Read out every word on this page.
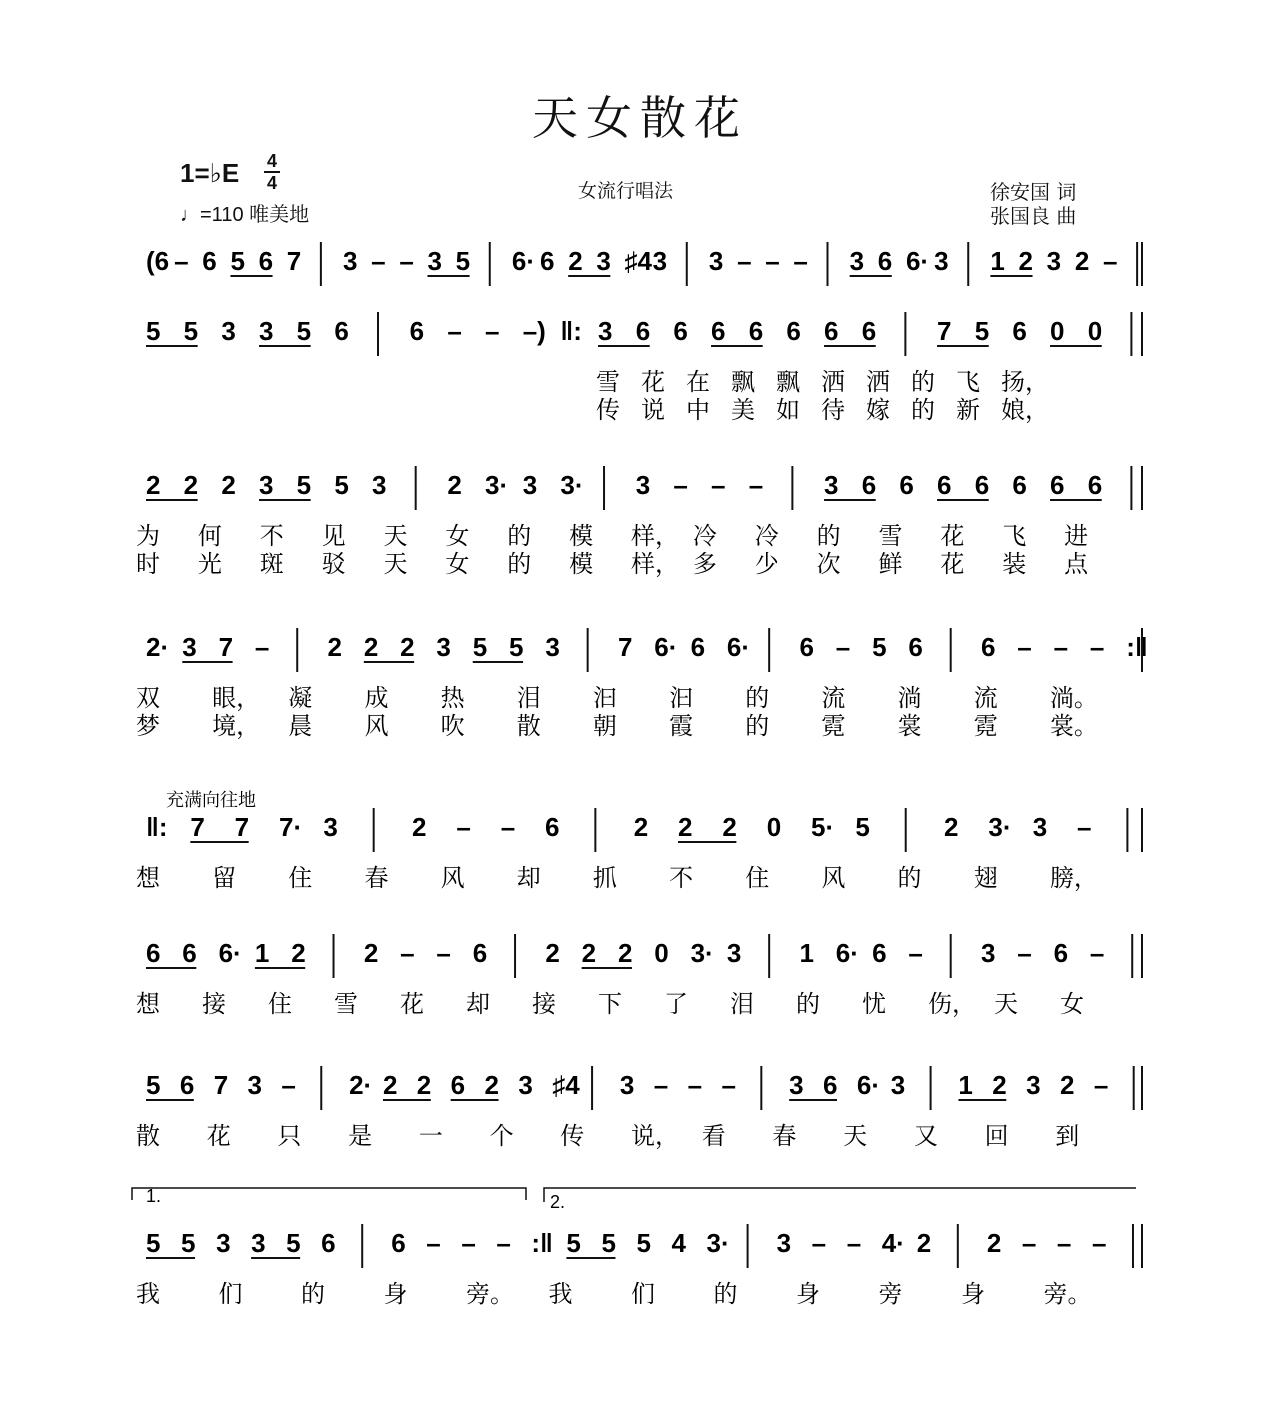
天女散花
1=♭E 4
4
♩=110 唯美地
女流行唱法	徐安国 词
张国良 曲
(6 – 6 5 6 7 3 – – 3 5 6· 6 2 3 ♯4 3 3 – – – 3 6 6· 3 1 2 3 2 –
5 5 3 3 5 6 6 – – –) ‖: 3 6 6 6 6 6 6 6 7 5 6 0 0
雪 花 在 飘 飘 洒 洒 的 飞 扬，
传 说 中 美 如 待 嫁 的 新 娘，
2 2 2 3 5 5 3 2 3· 3 3· 3 – – – 3 6 6 6 6 6 6 6
为 何 不 见 天 女 的 模 样， 冷 冷 的 雪 花 飞 进
时 光 斑 驳 天 女 的 模 样， 多 少 次 鲜 花 装 点
2· 3 7 – 2 2 2 3 5 5 3 7 6· 6 6· 6 – 5 6 6 – – – :‖
双 眼， 凝 成 热 泪 汩 汩 的 流 淌 流 淌。
梦 境， 晨 风 吹 散 朝 霞 的 霓 裳 霓 裳。
充满向往地
‖: 7 7 7· 3	2 – – 6	2 2 2 0 5· 5	2 3· 3 –
想 留 住 春 风 却 抓 不 住 风 的 翅 膀，
6 6 6· 1 2 2 – – 6 2 2 2 0 3· 3 1 6· 6 – 3 – 6 –
想 接 住 雪 花 却 接 下 了 泪 的 忧 伤， 天 女
5 6 7 3 – 2· 2 2 6 2 3 ♯4 3 – – – 3 6 6· 3 1 2 3 2 –
散 花 只 是 一 个 传 说， 看 春 天 又 回 到
1.	2.
5 5 3 3 5 6 6 – – – :‖ 5 5 5 4 3· 3 – – 4· 2 2 – – –
我 们 的 身 旁。 我 们 的 身 旁 身 旁。
